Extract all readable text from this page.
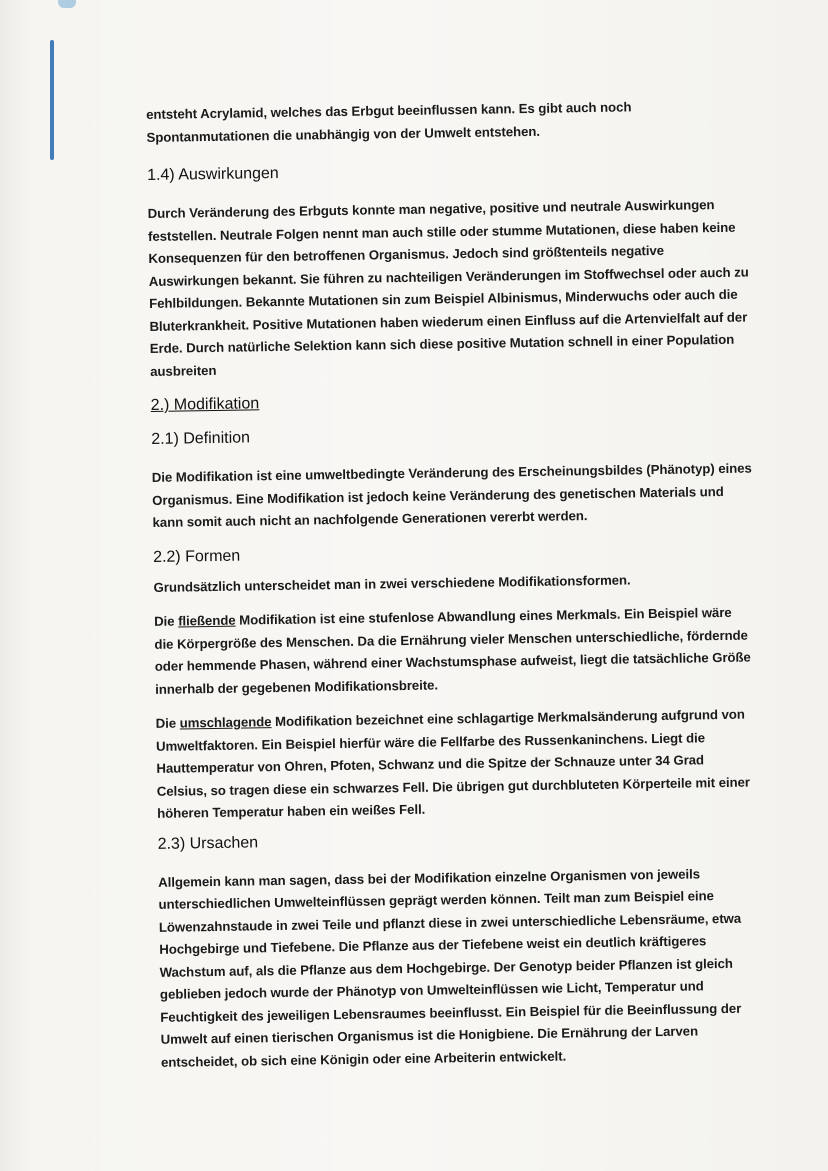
entsteht Acrylamid, welches das Erbgut beeinflussen kann. Es gibt auch noch Spontanmutationen die unabhängig von der Umwelt entstehen.

1.4) Auswirkungen

Durch Veränderung des Erbguts konnte man negative, positive und neutrale Auswirkungen feststellen. Neutrale Folgen nennt man auch stille oder stumme Mutationen, diese haben keine Konsequenzen für den betroffenen Organismus. Jedoch sind größtenteils negative Auswirkungen bekannt. Sie führen zu nachteiligen Veränderungen im Stoffwechsel oder auch zu Fehlbildungen. Bekannte Mutationen sin zum Beispiel Albinismus, Minderwuchs oder auch die Bluterkrankheit. Positive Mutationen haben wiederum einen Einfluss auf die Artenvielfalt auf der Erde. Durch natürliche Selektion kann sich diese positive Mutation schnell in einer Population ausbreiten

2.) Modifikation
2.1) Definition

Die Modifikation ist eine umweltbedingte Veränderung des Erscheinungsbildes (Phänotyp) eines Organismus. Eine Modifikation ist jedoch keine Veränderung des genetischen Materials und kann somit auch nicht an nachfolgende Generationen vererbt werden.

2.2) Formen

Grundsätzlich unterscheidet man in zwei verschiedene Modifikationsformen.

Die fließende Modifikation ist eine stufenlose Abwandlung eines Merkmals. Ein Beispiel wäre die Körpergröße des Menschen. Da die Ernährung vieler Menschen unterschiedliche, fördernde oder hemmende Phasen, während einer Wachstumsphase aufweist, liegt die tatsächliche Größe innerhalb der gegebenen Modifikationsbreite.

Die umschlagende Modifikation bezeichnet eine schlagartige Merkmalsänderung aufgrund von Umweltfaktoren. Ein Beispiel hierfür wäre die Fellfarbe des Russenkaninchens. Liegt die Hauttemperatur von Ohren, Pfoten, Schwanz und die Spitze der Schnauze unter 34 Grad Celsius, so tragen diese ein schwarzes Fell. Die übrigen gut durchbluteten Körperteile mit einer höheren Temperatur haben ein weißes Fell.

2.3) Ursachen

Allgemein kann man sagen, dass bei der Modifikation einzelne Organismen von jeweils unterschiedlichen Umwelteinflüssen geprägt werden können. Teilt man zum Beispiel eine Löwenzahnstaude in zwei Teile und pflanzt diese in zwei unterschiedliche Lebensräume, etwa Hochgebirge und Tiefebene. Die Pflanze aus der Tiefebene weist ein deutlich kräftigeres Wachstum auf, als die Pflanze aus dem Hochgebirge. Der Genotyp beider Pflanzen ist gleich geblieben jedoch wurde der Phänotyp von Umwelteinflüssen wie Licht, Temperatur und Feuchtigkeit des jeweiligen Lebensraumes beeinflusst. Ein Beispiel für die Beeinflussung der Umwelt auf einen tierischen Organismus ist die Honigbiene. Die Ernährung der Larven entscheidet, ob sich eine Königin oder eine Arbeiterin entwickelt.
